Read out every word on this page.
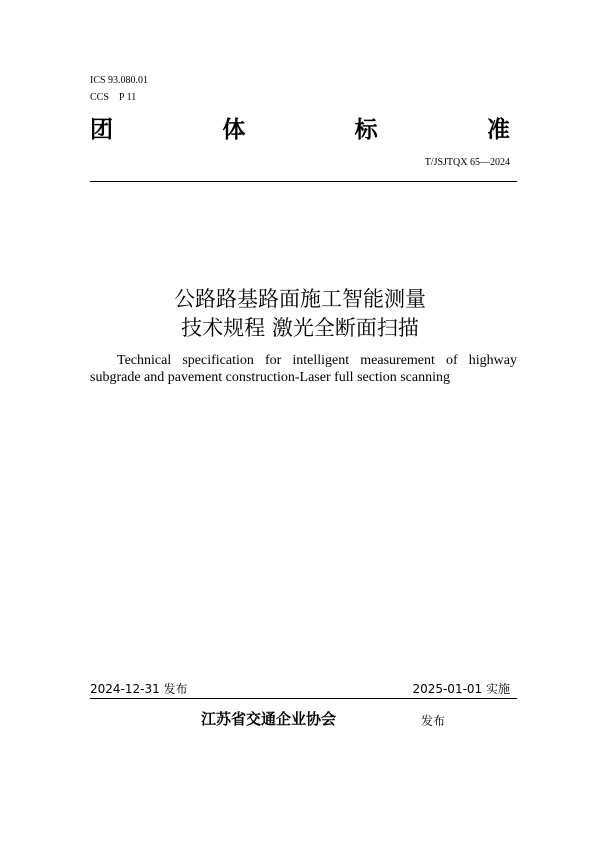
ICS 93.080.01
CCS P 11
团	体	标	准
T/JSJTQX 65—2024
公路路基路面施工智能测量
技术规程 激光全断面扫描
Technical specification for intelligent measurement of highway
subgrade and pavement construction-Laser full section scanning
2024-12-31 发布	2025-01-01 实施
江苏省交通企业协会	发布
